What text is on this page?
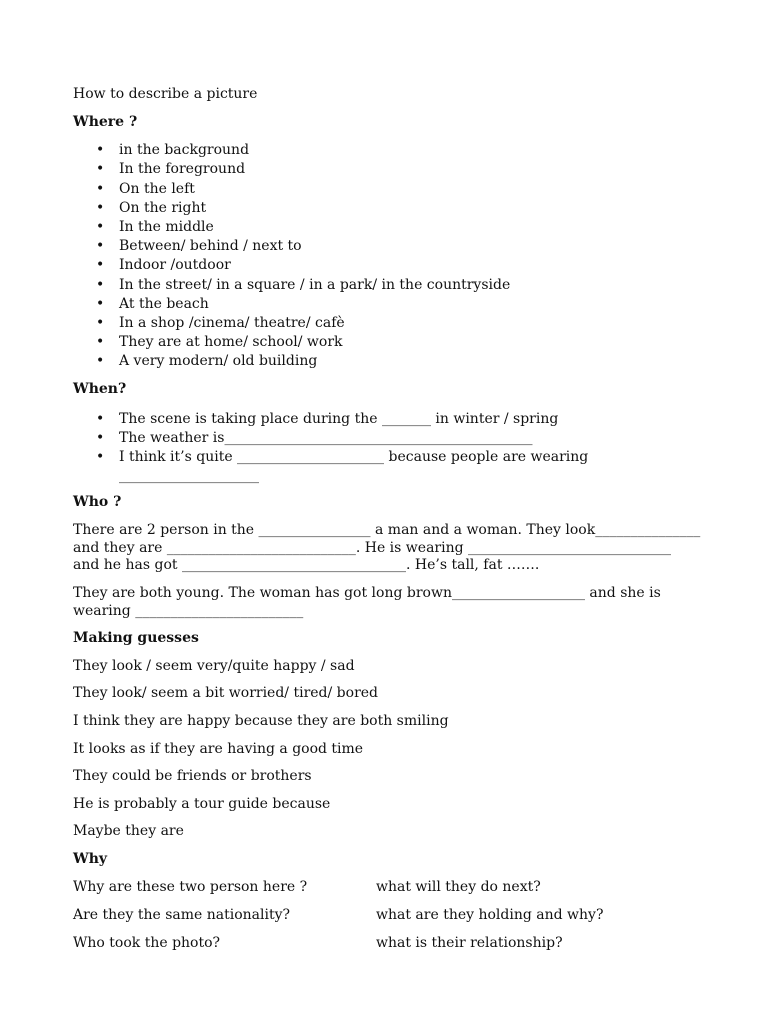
How to describe a picture
Where ?
• in the background
• In the foreground
• On the left
• On the right
• In the middle
• Between/ behind / next to
• Indoor /outdoor
• In the street/ in a square / in a park/ in the countryside
• At the beach
• In a shop /cinema/ theatre/ cafè
• They are at home/ school/ work
• A very modern/ old building
When?
• The scene is taking place during the _______ in winter / spring
• The weather is____________________________________________
• I think it’s quite _____________________ because people are wearing
____________________
Who ?
There are 2 person in the ________________ a man and a woman. They look_______________
and they are ___________________________. He is wearing _____________________________
and he has got ________________________________. He’s tall, fat …….
They are both young. The woman has got long brown___________________ and she is
wearing ________________________
Making guesses
They look / seem very/quite happy / sad
They look/ seem a bit worried/ tired/ bored
I think they are happy because they are both smiling
It looks as if they are having a good time
They could be friends or brothers
He is probably a tour guide because
Maybe they are
Why
Why are these two person here ?	what will they do next?
Are they the same nationality?	what are they holding and why?
Who took the photo?	what is their relationship?
